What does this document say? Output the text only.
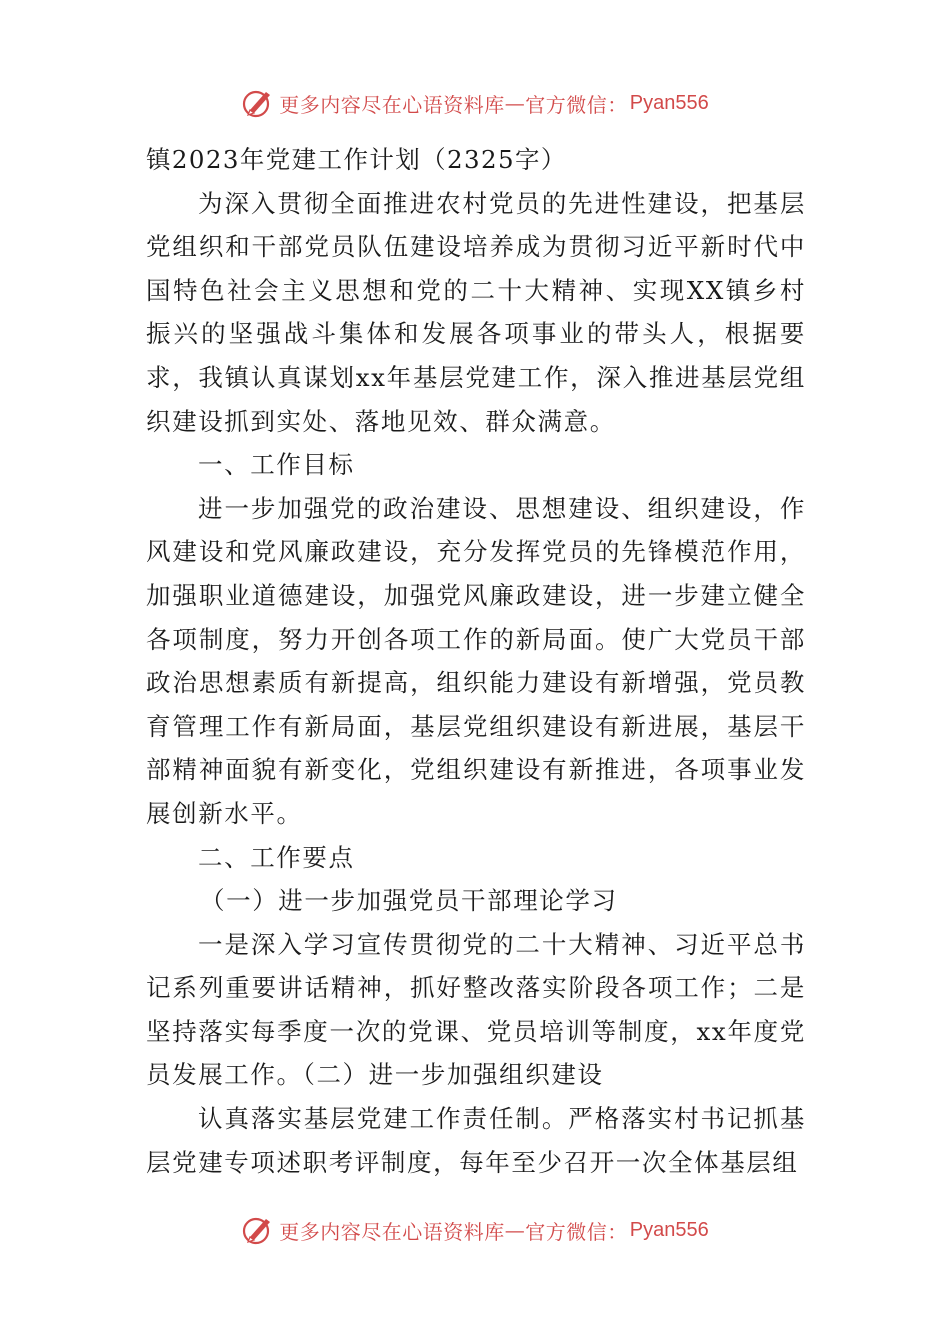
更多内容尽在心语资料库 — 官方微信： Pyan556

镇2023年党建工作计划（2325字）

为深入贯彻全面推进农村党员的先进性建设，把基层党组织和干部党员队伍建设培养成为贯彻习近平新时代中国特色社会主义思想和党的二十大精神、实现XX镇乡村振兴的坚强战斗集体和发展各项事业的带头人，根据要求，我镇认真谋划xx年基层党建工作，深入推进基层党组织建设抓到实处、落地见效、群众满意。

一、工作目标

进一步加强党的政治建设、思想建设、组织建设，作风建设和党风廉政建设，充分发挥党员的先锋模范作用，加强职业道德建设，加强党风廉政建设，进一步建立健全各项制度，努力开创各项工作的新局面。使广大党员干部政治思想素质有新提高，组织能力建设有新增强，党员教育管理工作有新局面，基层党组织建设有新进展，基层干部精神面貌有新变化，党组织建设有新推进，各项事业发展创新水平。

二、工作要点

（一）进一步加强党员干部理论学习

一是深入学习宣传贯彻党的二十大精神、习近平总书记系列重要讲话精神，抓好整改落实阶段各项工作；二是坚持落实每季度一次的党课、党员培训等制度，xx年度党员发展工作。（二）进一步加强组织建设

认真落实基层党建工作责任制。严格落实村书记抓基层党建专项述职考评制度，每年至少召开一次全体基层组

更多内容尽在心语资料库 — 官方微信： Pyan556
